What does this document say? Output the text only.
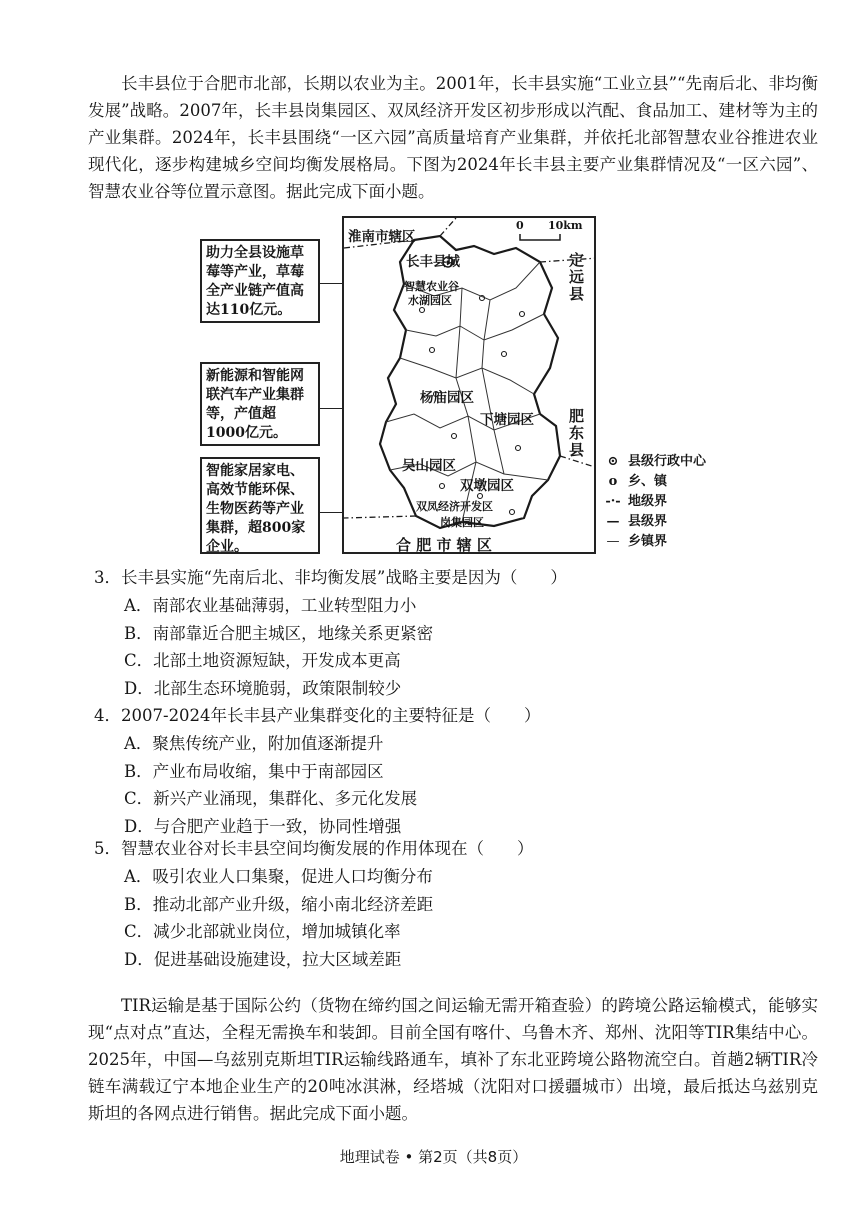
长丰县位于合肥市北部，长期以农业为主。2001年，长丰县实施“工业立县”“先南后北、非均衡发展”战略。2007年，长丰县岗集园区、双凤经济开发区初步形成以汽配、食品加工、建材等为主的产业集群。2024年，长丰县围绕“一区六园”高质量培育产业集群，并依托北部智慧农业谷推进农业现代化，逐步构建城乡空间均衡发展格局。下图为2024年长丰县主要产业集群情况及“一区六园”、智慧农业谷等位置示意图。据此完成下面小题。

助力全县设施草莓等产业，草莓全产业链产值高达110亿元。
新能源和智能网联汽车产业集群等，产值超1000亿元。
智能家居家电、高效节能环保、生物医药等产业集群，超800家企业。
淮南市辖区
0 10km
长丰县城
智慧农业谷
水湖园区
杨庙园区
下塘园区
吴山园区
双墩园区
双凤经济开发区
岗集园区
合 肥 市 辖 区
定远县
肥东县
⊙ 县级行政中心
o 乡、镇
-·- 地级界
— 县级界
— 乡镇界
3．长丰县实施“先南后北、非均衡发展”战略主要是因为（　　）
A．南部农业基础薄弱，工业转型阻力小
B．南部靠近合肥主城区，地缘关系更紧密
C．北部土地资源短缺，开发成本更高
D．北部生态环境脆弱，政策限制较少
4．2007-2024年长丰县产业集群变化的主要特征是（　　）
A．聚焦传统产业，附加值逐渐提升
B．产业布局收缩，集中于南部园区
C．新兴产业涌现，集群化、多元化发展
D．与合肥产业趋于一致，协同性增强
5．智慧农业谷对长丰县空间均衡发展的作用体现在（　　）
A．吸引农业人口集聚，促进人口均衡分布
B．推动北部产业升级，缩小南北经济差距
C．减少北部就业岗位，增加城镇化率
D．促进基础设施建设，拉大区域差距

TIR运输是基于国际公约（货物在缔约国之间运输无需开箱查验）的跨境公路运输模式，能够实现“点对点”直达，全程无需换车和装卸。目前全国有喀什、乌鲁木齐、郑州、沈阳等TIR集结中心。2025年，中国—乌兹别克斯坦TIR运输线路通车，填补了东北亚跨境公路物流空白。首趟2辆TIR冷链车满载辽宁本地企业生产的20吨冰淇淋，经塔城（沈阳对口援疆城市）出境，最后抵达乌兹别克斯坦的各网点进行销售。据此完成下面小题。

地理试卷 • 第2页（共8页）
